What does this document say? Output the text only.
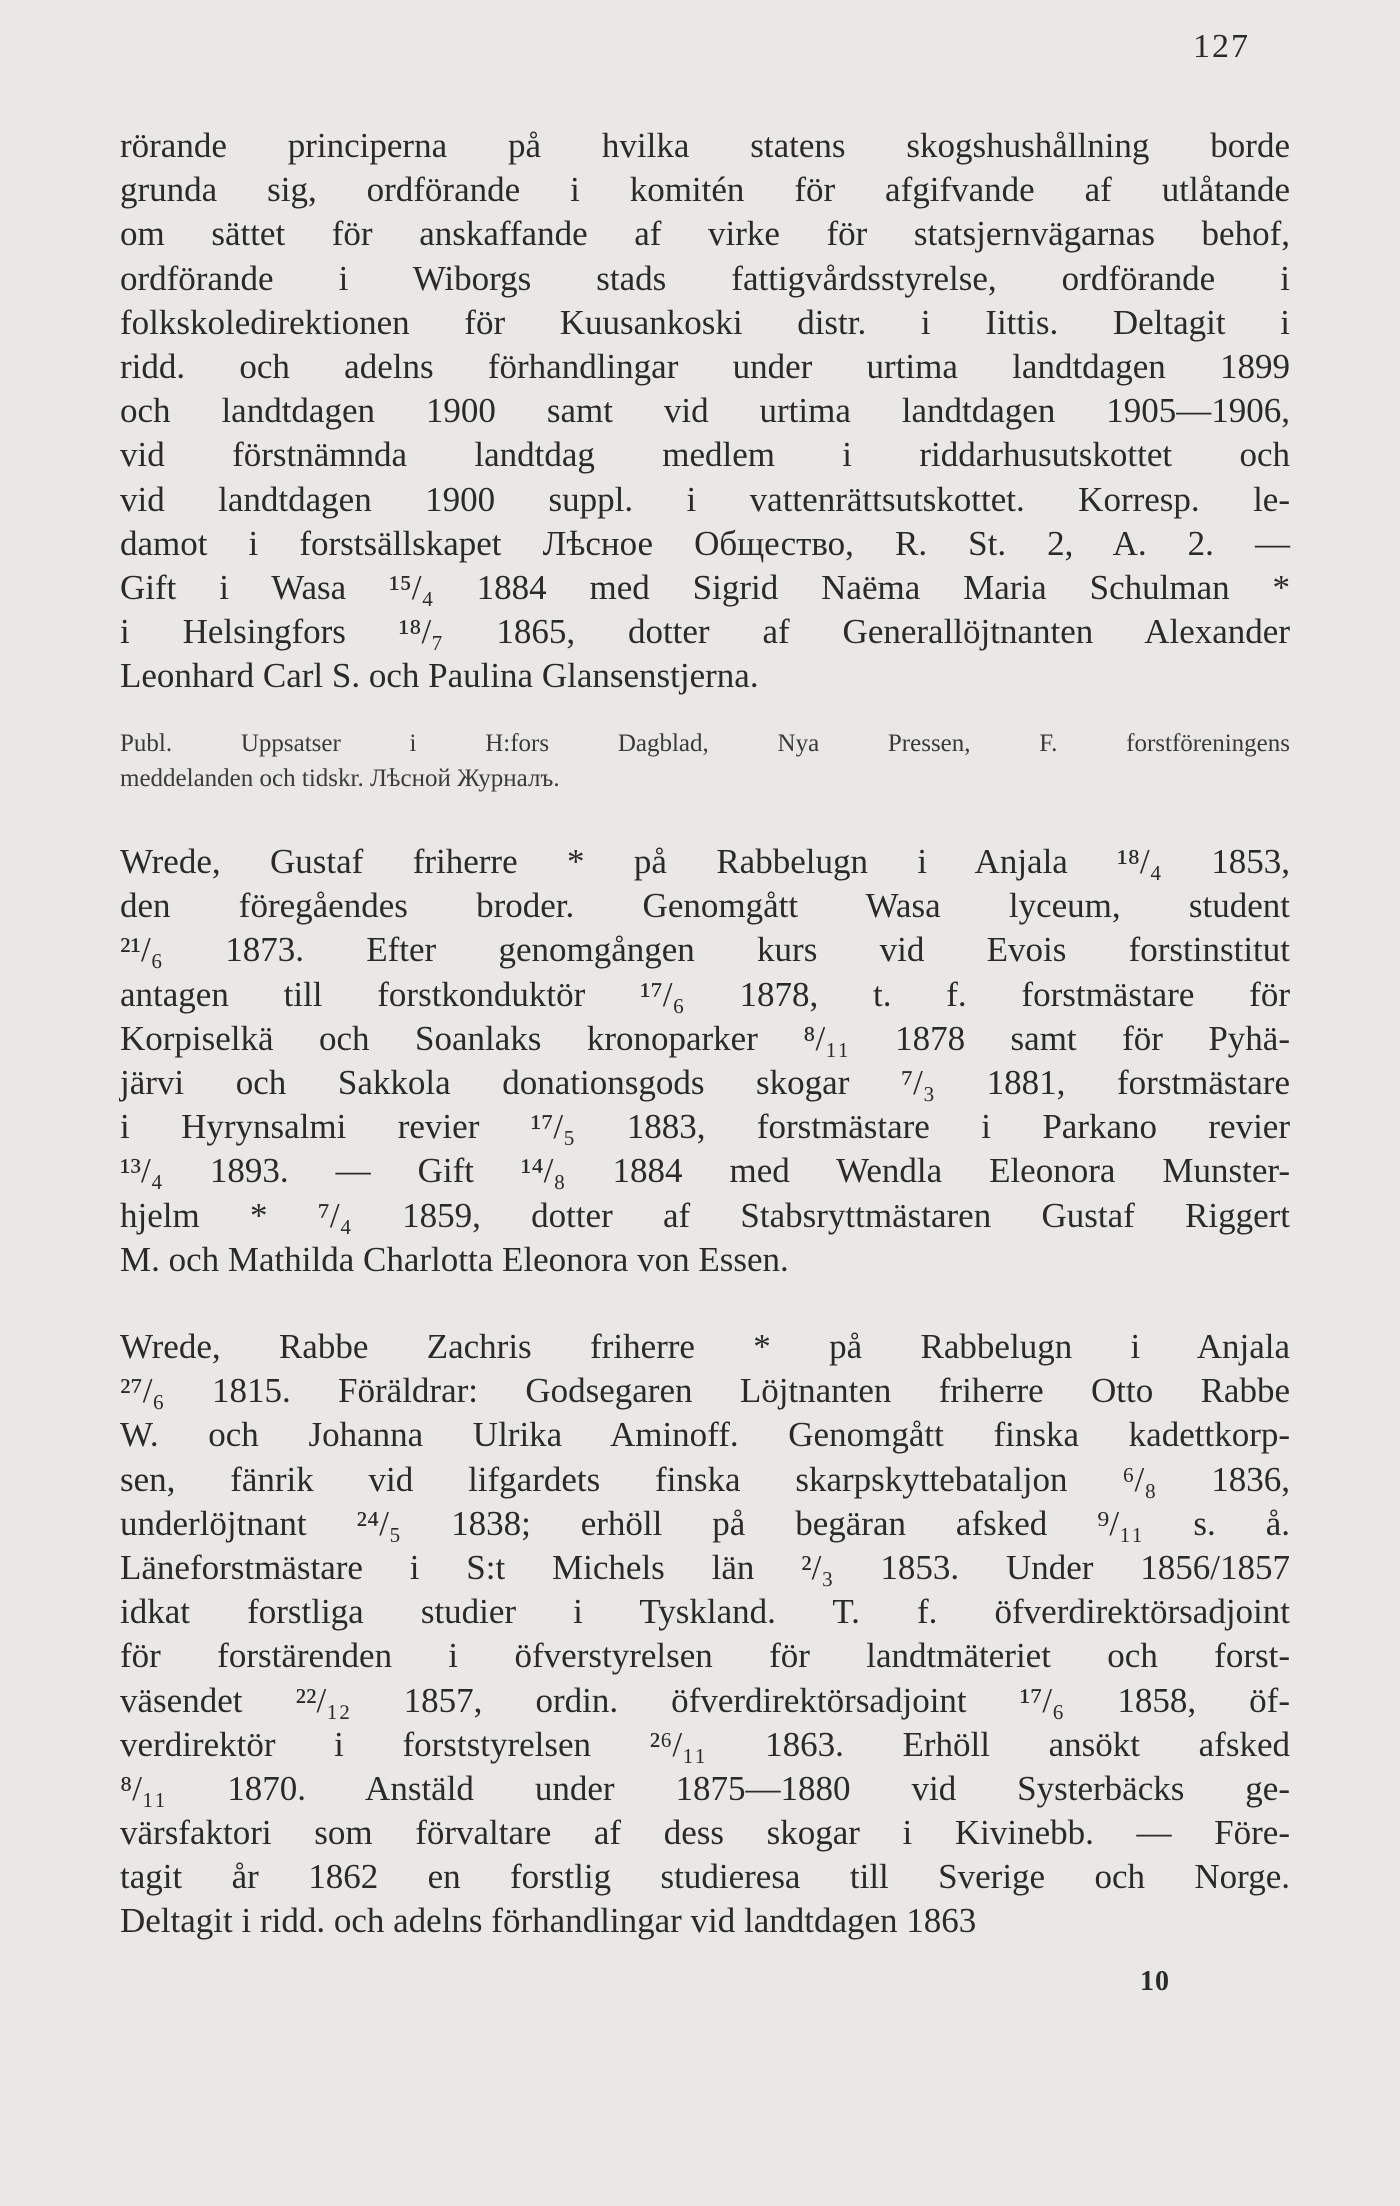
127
rörande principerna på hvilka statens skogshushållning borde
grunda sig, ordförande i komitén för afgifvande af utlåtande
om sättet för anskaffande af virke för statsjernvägarnas behof,
ordförande i Wiborgs stads fattigvårdsstyrelse, ordförande i
folkskoledirektionen för Kuusankoski distr. i Iittis. Deltagit i
ridd. och adelns förhandlingar under urtima landtdagen 1899
och landtdagen 1900 samt vid urtima landtdagen 1905—1906,
vid förstnämnda landtdag medlem i riddarhusutskottet och
vid landtdagen 1900 suppl. i vattenrättsutskottet. Korresp. le-
damot i forstsällskapet Лѣсное Общество, R. St. 2, A. 2. —
Gift i Wasa ¹⁵/₄ 1884 med Sigrid Naëma Maria Schulman *
i Helsingfors ¹⁸/₇ 1865, dotter af Generallöjtnanten Alexander
Leonhard Carl S. och Paulina Glansenstjerna.
Publ. Uppsatser i H:fors Dagblad, Nya Pressen, F. forstföreningens
meddelanden och tidskr. Лѣсной Журналъ.
Wrede, Gustaf friherre * på Rabbelugn i Anjala ¹⁸/₄ 1853,
den föregåendes broder. Genomgått Wasa lyceum, student
²¹/₆ 1873. Efter genomgången kurs vid Evois forstinstitut
antagen till forstkonduktör ¹⁷/₆ 1878, t. f. forstmästare för
Korpiselkä och Soanlaks kronoparker ⁸/₁₁ 1878 samt för Pyhä-
järvi och Sakkola donationsgods skogar ⁷/₃ 1881, forstmästare
i Hyrynsalmi revier ¹⁷/₅ 1883, forstmästare i Parkano revier
¹³/₄ 1893. — Gift ¹⁴/₈ 1884 med Wendla Eleonora Munster-
hjelm * ⁷/₄ 1859, dotter af Stabsryttmästaren Gustaf Riggert
M. och Mathilda Charlotta Eleonora von Essen.
Wrede, Rabbe Zachris friherre * på Rabbelugn i Anjala
²⁷/₆ 1815. Föräldrar: Godsegaren Löjtnanten friherre Otto Rabbe
W. och Johanna Ulrika Aminoff. Genomgått finska kadettkorp-
sen, fänrik vid lifgardets finska skarpskyttebataljon ⁶/₈ 1836,
underlöjtnant ²⁴/₅ 1838; erhöll på begäran afsked ⁹/₁₁ s. å.
Läneforstmästare i S:t Michels län ²/₃ 1853. Under 1856/1857
idkat forstliga studier i Tyskland. T. f. öfverdirektörsadjoint
för forstärenden i öfverstyrelsen för landtmäteriet och forst-
väsendet ²²/₁₂ 1857, ordin. öfverdirektörsadjoint ¹⁷/₆ 1858, öf-
verdirektör i forststyrelsen ²⁶/₁₁ 1863. Erhöll ansökt afsked
⁸/₁₁ 1870. Anstäld under 1875—1880 vid Systerbäcks ge-
värsfaktori som förvaltare af dess skogar i Kivinebb. — Före-
tagit år 1862 en forstlig studieresa till Sverige och Norge.
Deltagit i ridd. och adelns förhandlingar vid landtdagen 1863
10
